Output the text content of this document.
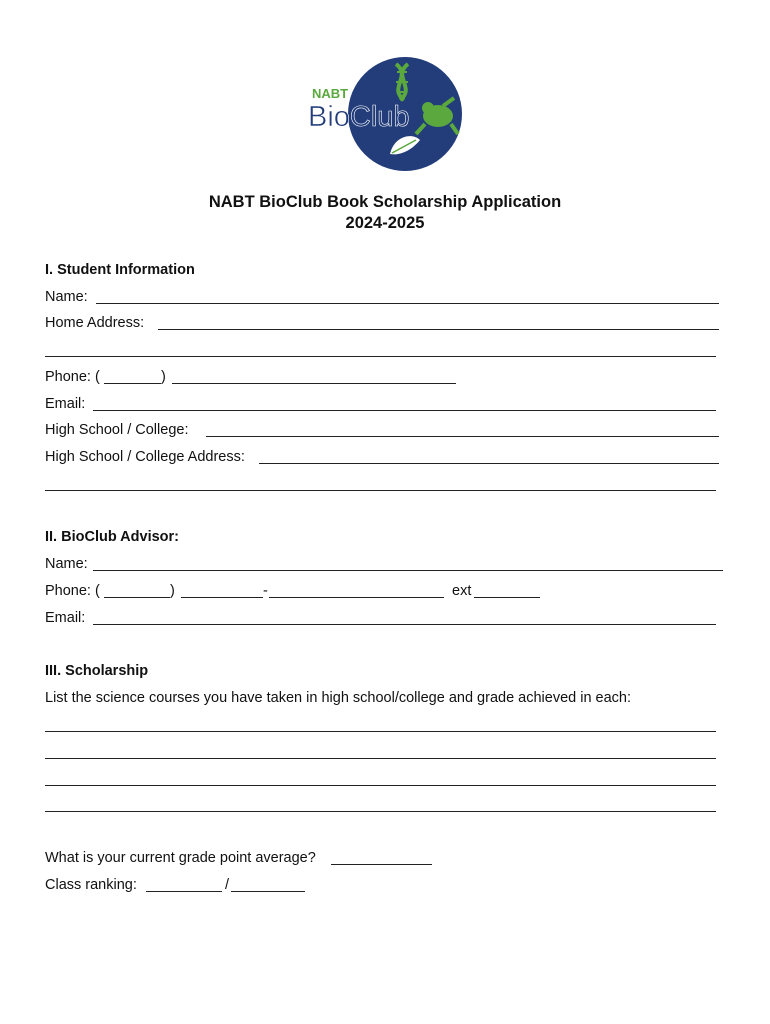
NABT
BioClub
NABT BioClub Book Scholarship Application
2024-2025
I. Student Information
Name:
Home Address:
Phone: (	)
Email:
High School / College:
High School / College Address:
II. BioClub Advisor:
Name:
Phone: (	)	-	ext
Email:
III. Scholarship
List the science courses you have taken in high school/college and grade achieved in each:
What is your current grade point average?
Class ranking:	/
